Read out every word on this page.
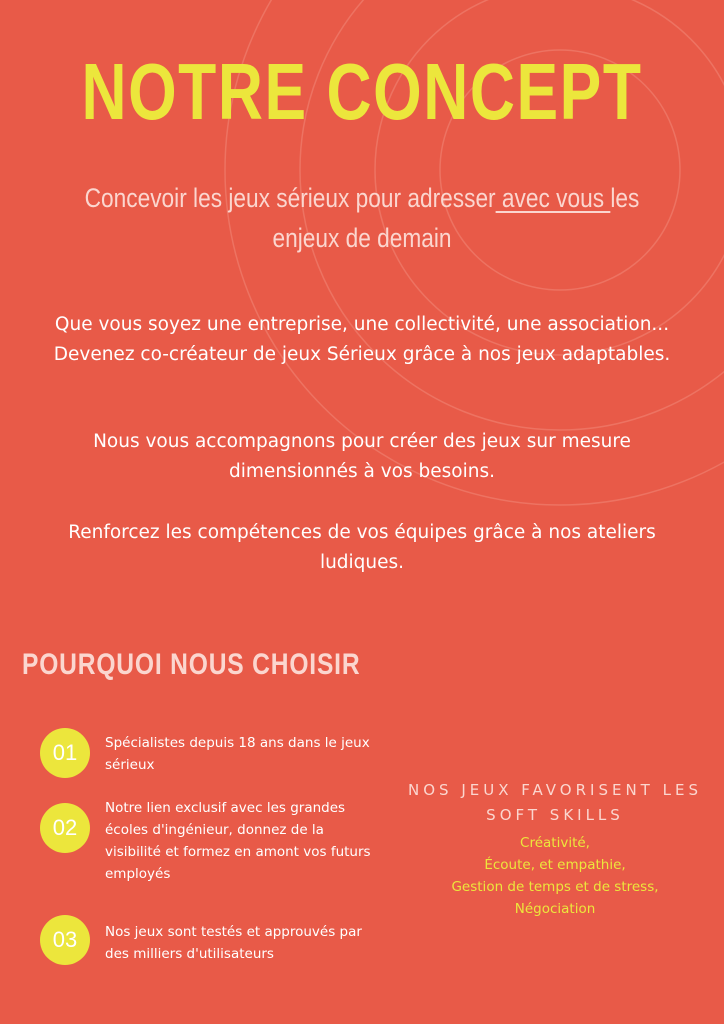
NOTRE CONCEPT
Concevoir les jeux sérieux pour adresser avec vous les enjeux de demain

Que vous soyez une entreprise, une collectivité, une association... Devenez co-créateur de jeux Sérieux grâce à nos jeux adaptables.

Nous vous accompagnons pour créer des jeux sur mesure dimensionnés à vos besoins.

Renforcez les compétences de vos équipes grâce à nos ateliers ludiques.

POURQUOI NOUS CHOISIR
01	Spécialistes depuis 18 ans dans le jeux sérieux
02
Notre lien exclusif avec les grandes écoles d'ingénieur, donnez de la visibilité et formez en amont vos futurs employés
03	Nos jeux sont testés et approuvés par des milliers d'utilisateurs

NOS JEUX FAVORISENT LES SOFT SKILLS

Créativité,
Écoute, et empathie,
Gestion de temps et de stress,
Négociation
